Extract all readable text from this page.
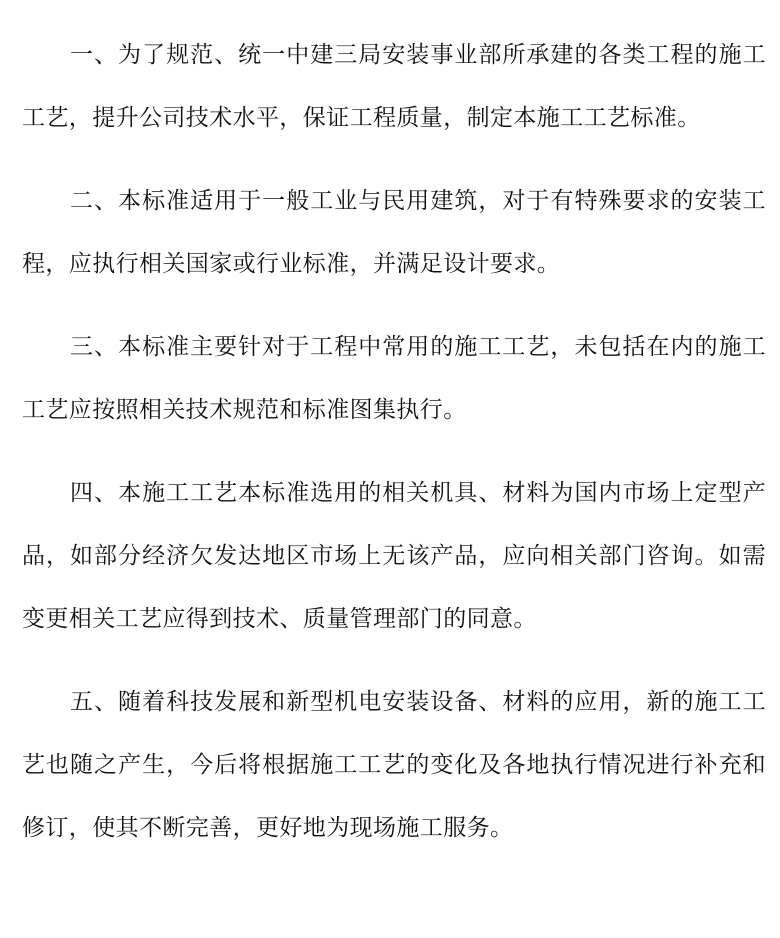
一、为了规范、统一中建三局安装事业部所承建的各类工程的施工工艺，提升公司技术水平，保证工程质量，制定本施工工艺标准。

二、本标准适用于一般工业与民用建筑，对于有特殊要求的安装工程，应执行相关国家或行业标准，并满足设计要求。

三、本标准主要针对于工程中常用的施工工艺，未包括在内的施工工艺应按照相关技术规范和标准图集执行。

四、本施工工艺本标准选用的相关机具、材料为国内市场上定型产品，如部分经济欠发达地区市场上无该产品，应向相关部门咨询。如需变更相关工艺应得到技术、质量管理部门的同意。

五、随着科技发展和新型机电安装设备、材料的应用，新的施工工艺也随之产生，今后将根据施工工艺的变化及各地执行情况进行补充和修订，使其不断完善，更好地为现场施工服务。
